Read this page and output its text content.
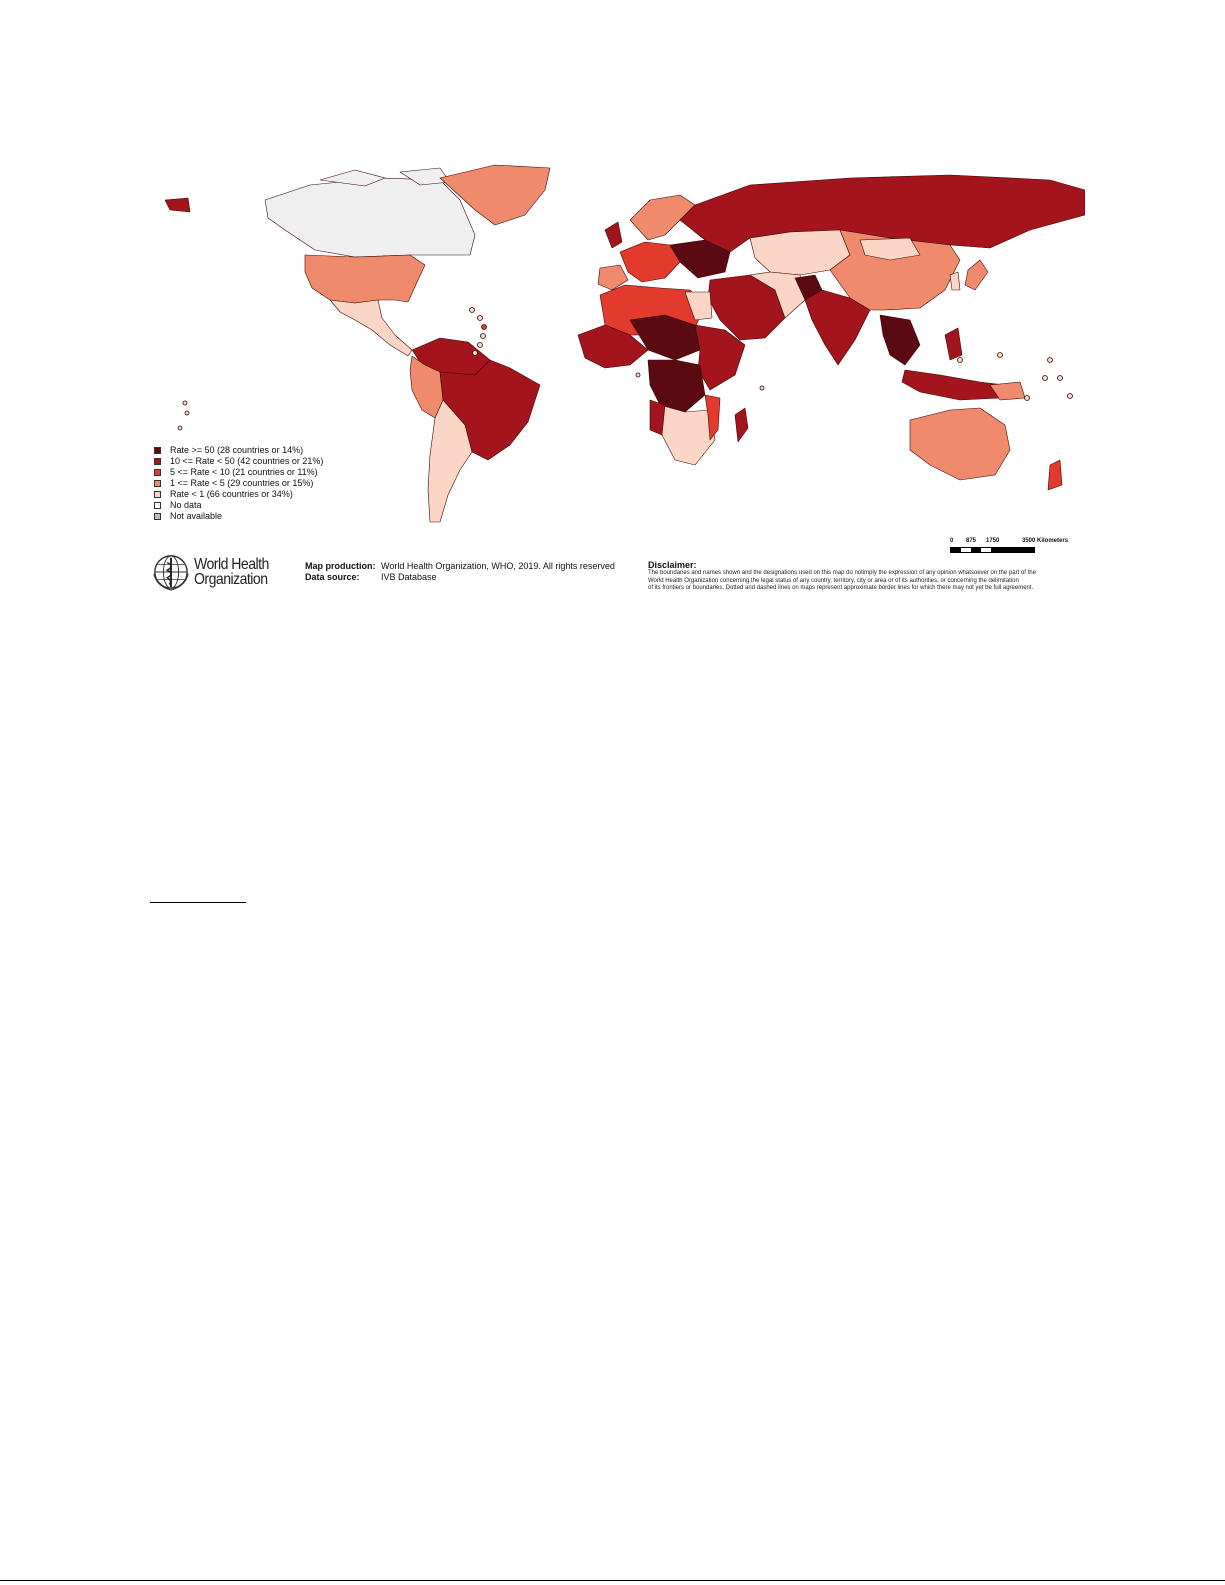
Rate >= 50 (28 countries or 14%)
10 <= Rate < 50 (42 countries or 21%)
5 <= Rate < 10 (21 countries or 11%)
1 <= Rate < 5 (29 countries or 15%)
Rate < 1 (66 countries or 34%)
No data
Not available
0 875 1750	3500 Kilometers
World Health
Organization
Map production: World Health Organization, WHO, 2019. All rights reserved
Data source:	IVB Database
Disclaimer:
The boundaries and names shown and the designations used on this map do notimply the expression of any opinion whatsoever on the part of the
World Health Organization concerning the legal status of any country, territory, city or area or of its authorities, or concerning the delimitation
of its frontiers or boundaries. Dotted and dashed lines on maps represent approximate border lines for which there may not yet be full agreement.
